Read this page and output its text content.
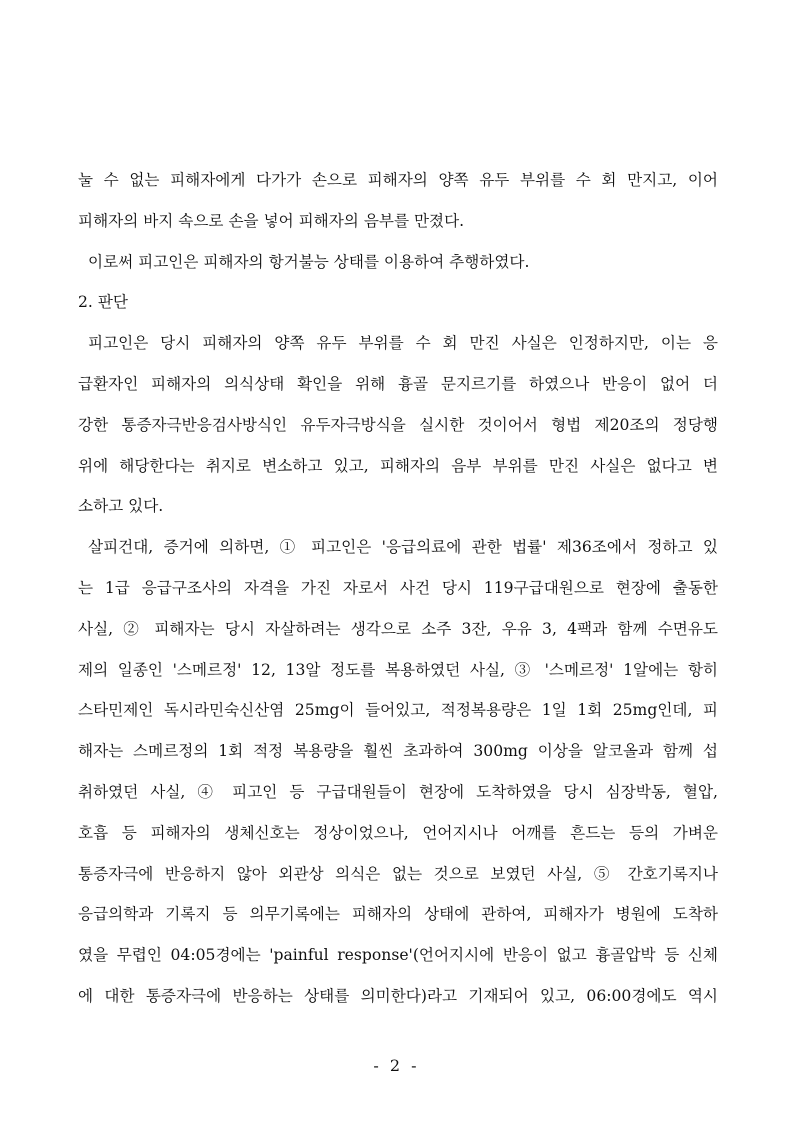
눌 수 없는 피해자에게 다가가 손으로 피해자의 양쪽 유두 부위를 수 회 만지고, 이어
피해자의 바지 속으로 손을 넣어 피해자의 음부를 만졌다.
이로써 피고인은 피해자의 항거불능 상태를 이용하여 추행하였다.
2. 판단
피고인은 당시 피해자의 양쪽 유두 부위를 수 회 만진 사실은 인정하지만, 이는 응
급환자인 피해자의 의식상태 확인을 위해 흉골 문지르기를 하였으나 반응이 없어 더
강한 통증자극반응검사방식인 유두자극방식을 실시한 것이어서 형법 제20조의 정당행
위에 해당한다는 취지로 변소하고 있고, 피해자의 음부 부위를 만진 사실은 없다고 변
소하고 있다.
살피건대, 증거에 의하면, ① 피고인은 '응급의료에 관한 법률' 제36조에서 정하고 있
는 1급 응급구조사의 자격을 가진 자로서 사건 당시 119구급대원으로 현장에 출동한
사실, ② 피해자는 당시 자살하려는 생각으로 소주 3잔, 우유 3, 4팩과 함께 수면유도
제의 일종인 '스메르정' 12, 13알 정도를 복용하였던 사실, ③ '스메르정' 1알에는 항히
스타민제인 독시라민숙신산염 25mg이 들어있고, 적정복용량은 1일 1회 25mg인데, 피
해자는 스메르정의 1회 적정 복용량을 훨씬 초과하여 300mg 이상을 알코올과 함께 섭
취하였던 사실, ④ 피고인 등 구급대원들이 현장에 도착하였을 당시 심장박동, 혈압,
호흡 등 피해자의 생체신호는 정상이었으나, 언어지시나 어깨를 흔드는 등의 가벼운
통증자극에 반응하지 않아 외관상 의식은 없는 것으로 보였던 사실, ⑤ 간호기록지나
응급의학과 기록지 등 의무기록에는 피해자의 상태에 관하여, 피해자가 병원에 도착하
였을 무렵인 04:05경에는 'painful response'(언어지시에 반응이 없고 흉골압박 등 신체
에 대한 통증자극에 반응하는 상태를 의미한다)라고 기재되어 있고, 06:00경에도 역시
- 2 -
